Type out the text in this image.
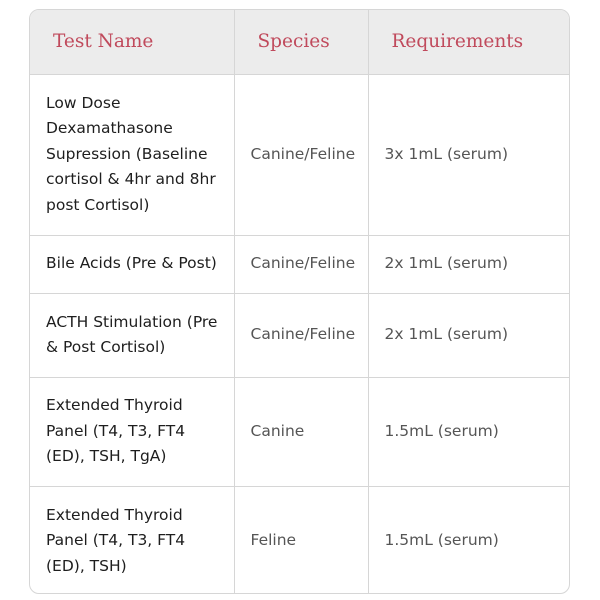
Test Name	Species	Requirements
Low Dose
Dexamathasone
Supression (Baseline
cortisol & 4hr and 8hr
post Cortisol)	Canine/Feline	3x 1mL (serum)
Bile Acids (Pre & Post)	Canine/Feline	2x 1mL (serum)
ACTH Stimulation (Pre
& Post Cortisol)	Canine/Feline	2x 1mL (serum)
Extended Thyroid
Panel (T4, T3, FT4
(ED), TSH, TgA)	Canine	1.5mL (serum)
Extended Thyroid
Panel (T4, T3, FT4
(ED), TSH)	Feline	1.5mL (serum)
